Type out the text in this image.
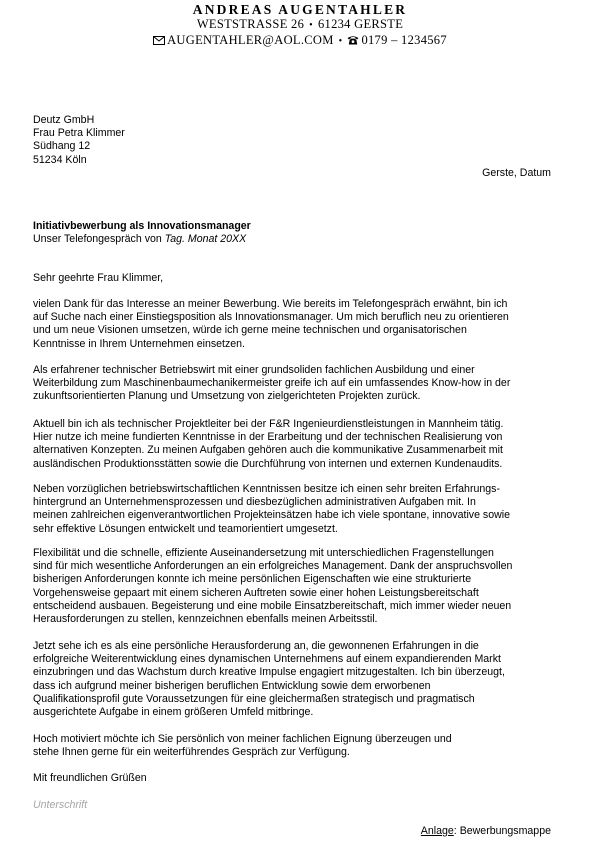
ANDREAS AUGENTAHLER
WESTSTRASSE 26 • 61234 GERSTE
AUGENTAHLER@AOL.COM • 0179 – 1234567
Deutz GmbH
Frau Petra Klimmer
Südhang 12
51234 Köln
Gerste, Datum
Initiativbewerbung als Innovationsmanager
Unser Telefongespräch von Tag. Monat 20XX
Sehr geehrte Frau Klimmer,
vielen Dank für das Interesse an meiner Bewerbung. Wie bereits im Telefongespräch erwähnt, bin ich
auf Suche nach einer Einstiegsposition als Innovationsmanager. Um mich beruflich neu zu orientieren
und um neue Visionen umsetzen, würde ich gerne meine technischen und organisatorischen
Kenntnisse in Ihrem Unternehmen einsetzen.
Als erfahrener technischer Betriebswirt mit einer grundsoliden fachlichen Ausbildung und einer
Weiterbildung zum Maschinenbaumechanikermeister greife ich auf ein umfassendes Know-how in der
zukunftsorientierten Planung und Umsetzung von zielgerichteten Projekten zurück.
Aktuell bin ich als technischer Projektleiter bei der F&R Ingenieurdienstleistungen in Mannheim tätig.
Hier nutze ich meine fundierten Kenntnisse in der Erarbeitung und der technischen Realisierung von
alternativen Konzepten. Zu meinen Aufgaben gehören auch die kommunikative Zusammenarbeit mit
ausländischen Produktionsstätten sowie die Durchführung von internen und externen Kundenaudits.
Neben vorzüglichen betriebswirtschaftlichen Kenntnissen besitze ich einen sehr breiten Erfahrungs-
hintergrund an Unternehmensprozessen und diesbezüglichen administrativen Aufgaben mit. In
meinen zahlreichen eigenverantwortlichen Projekteinsätzen habe ich viele spontane, innovative sowie
sehr effektive Lösungen entwickelt und teamorientiert umgesetzt.
Flexibilität und die schnelle, effiziente Auseinandersetzung mit unterschiedlichen Fragenstellungen
sind für mich wesentliche Anforderungen an ein erfolgreiches Management. Dank der anspruchsvollen
bisherigen Anforderungen konnte ich meine persönlichen Eigenschaften wie eine strukturierte
Vorgehensweise gepaart mit einem sicheren Auftreten sowie einer hohen Leistungsbereitschaft
entscheidend ausbauen. Begeisterung und eine mobile Einsatzbereitschaft, mich immer wieder neuen
Herausforderungen zu stellen, kennzeichnen ebenfalls meinen Arbeitsstil.
Jetzt sehe ich es als eine persönliche Herausforderung an, die gewonnenen Erfahrungen in die
erfolgreiche Weiterentwicklung eines dynamischen Unternehmens auf einem expandierenden Markt
einzubringen und das Wachstum durch kreative Impulse engagiert mitzugestalten. Ich bin überzeugt,
dass ich aufgrund meiner bisherigen beruflichen Entwicklung sowie dem erworbenen
Qualifikationsprofil gute Voraussetzungen für eine gleichermaßen strategisch und pragmatisch
ausgerichtete Aufgabe in einem größeren Umfeld mitbringe.
Hoch motiviert möchte ich Sie persönlich von meiner fachlichen Eignung überzeugen und
stehe Ihnen gerne für ein weiterführendes Gespräch zur Verfügung.
Mit freundlichen Grüßen
Unterschrift
Anlage: Bewerbungsmappe
